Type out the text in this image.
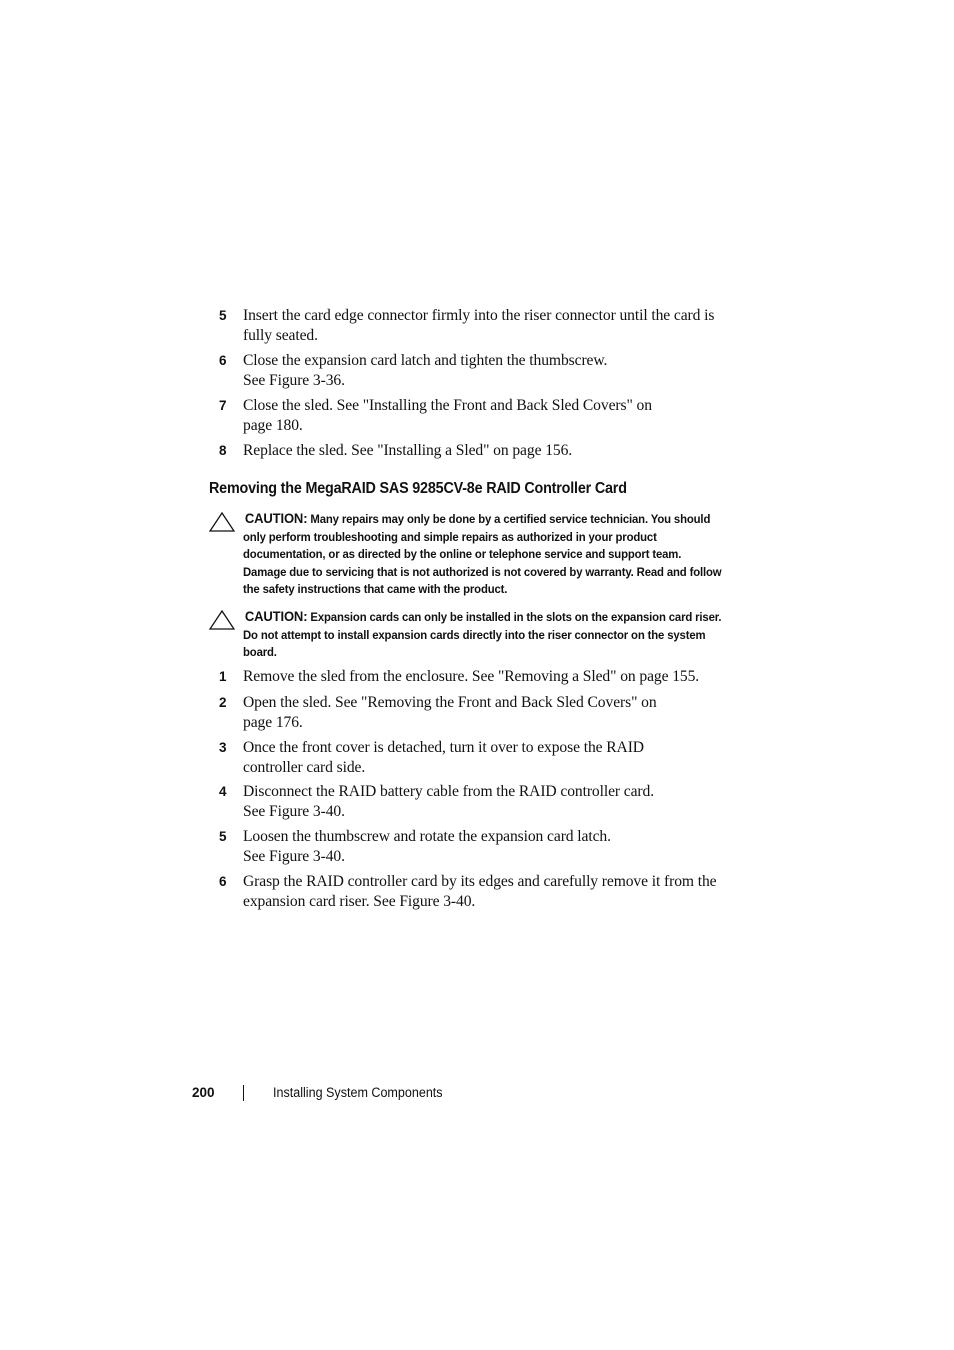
5 Insert the card edge connector firmly into the riser connector until the card is fully seated.
6 Close the expansion card latch and tighten the thumbscrew.
See Figure 3-36.
7 Close the sled. See "Installing the Front and Back Sled Covers" on page 180.
8 Replace the sled. See "Installing a Sled" on page 156.
Removing the MegaRAID SAS 9285CV-8e RAID Controller Card
CAUTION: Many repairs may only be done by a certified service technician. You should only perform troubleshooting and simple repairs as authorized in your product documentation, or as directed by the online or telephone service and support team. Damage due to servicing that is not authorized is not covered by warranty. Read and follow the safety instructions that came with the product.
CAUTION: Expansion cards can only be installed in the slots on the expansion card riser. Do not attempt to install expansion cards directly into the riser connector on the system board.
1 Remove the sled from the enclosure. See "Removing a Sled" on page 155.
2 Open the sled. See "Removing the Front and Back Sled Covers" on page 176.
3 Once the front cover is detached, turn it over to expose the RAID controller card side.
4 Disconnect the RAID battery cable from the RAID controller card.
See Figure 3-40.
5 Loosen the thumbscrew and rotate the expansion card latch.
See Figure 3-40.
6 Grasp the RAID controller card by its edges and carefully remove it from the expansion card riser. See Figure 3-40.
200	Installing System Components
